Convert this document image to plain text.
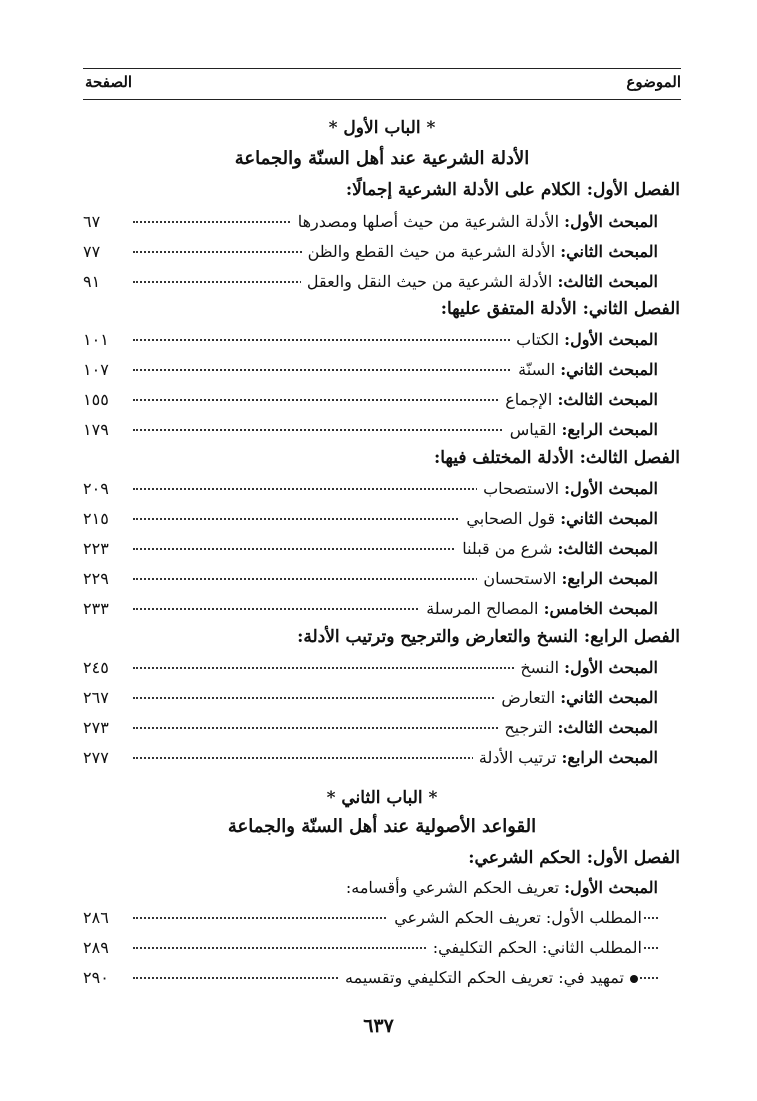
الموضوع
الصفحة
* الباب الأول *
الأدلة الشرعية عند أهل السنّة والجماعة
الفصل الأول: الكلام على الأدلة الشرعية إجمالًا:
المبحث الأول: الأدلة الشرعية من حيث أصلها ومصدرها
٦٧
المبحث الثاني: الأدلة الشرعية من حيث القطع والظن
٧٧
المبحث الثالث: الأدلة الشرعية من حيث النقل والعقل
٩١
الفصل الثاني: الأدلة المتفق عليها:
المبحث الأول: الكتاب
١٠١
المبحث الثاني: السنّة
١٠٧
المبحث الثالث: الإجماع
١٥٥
المبحث الرابع: القياس
١٧٩
الفصل الثالث: الأدلة المختلف فيها:
المبحث الأول: الاستصحاب
٢٠٩
المبحث الثاني: قول الصحابي
٢١٥
المبحث الثالث: شرع من قبلنا
٢٢٣
المبحث الرابع: الاستحسان
٢٢٩
المبحث الخامس: المصالح المرسلة
٢٣٣
الفصل الرابع: النسخ والتعارض والترجيح وترتيب الأدلة:
المبحث الأول: النسخ
٢٤٥
المبحث الثاني: التعارض
٢٦٧
المبحث الثالث: الترجيح
٢٧٣
المبحث الرابع: ترتيب الأدلة
٢٧٧
* الباب الثاني *
القواعد الأصولية عند أهل السنّة والجماعة
الفصل الأول: الحكم الشرعي:
المبحث الأول: تعريف الحكم الشرعي وأقسامه:
المطلب الأول: تعريف الحكم الشرعي
٢٨٦
المطلب الثاني: الحكم التكليفي:
٢٨٩
تمهيد في: تعريف الحكم التكليفي وتقسيمه
٢٩٠
٦٣٧
